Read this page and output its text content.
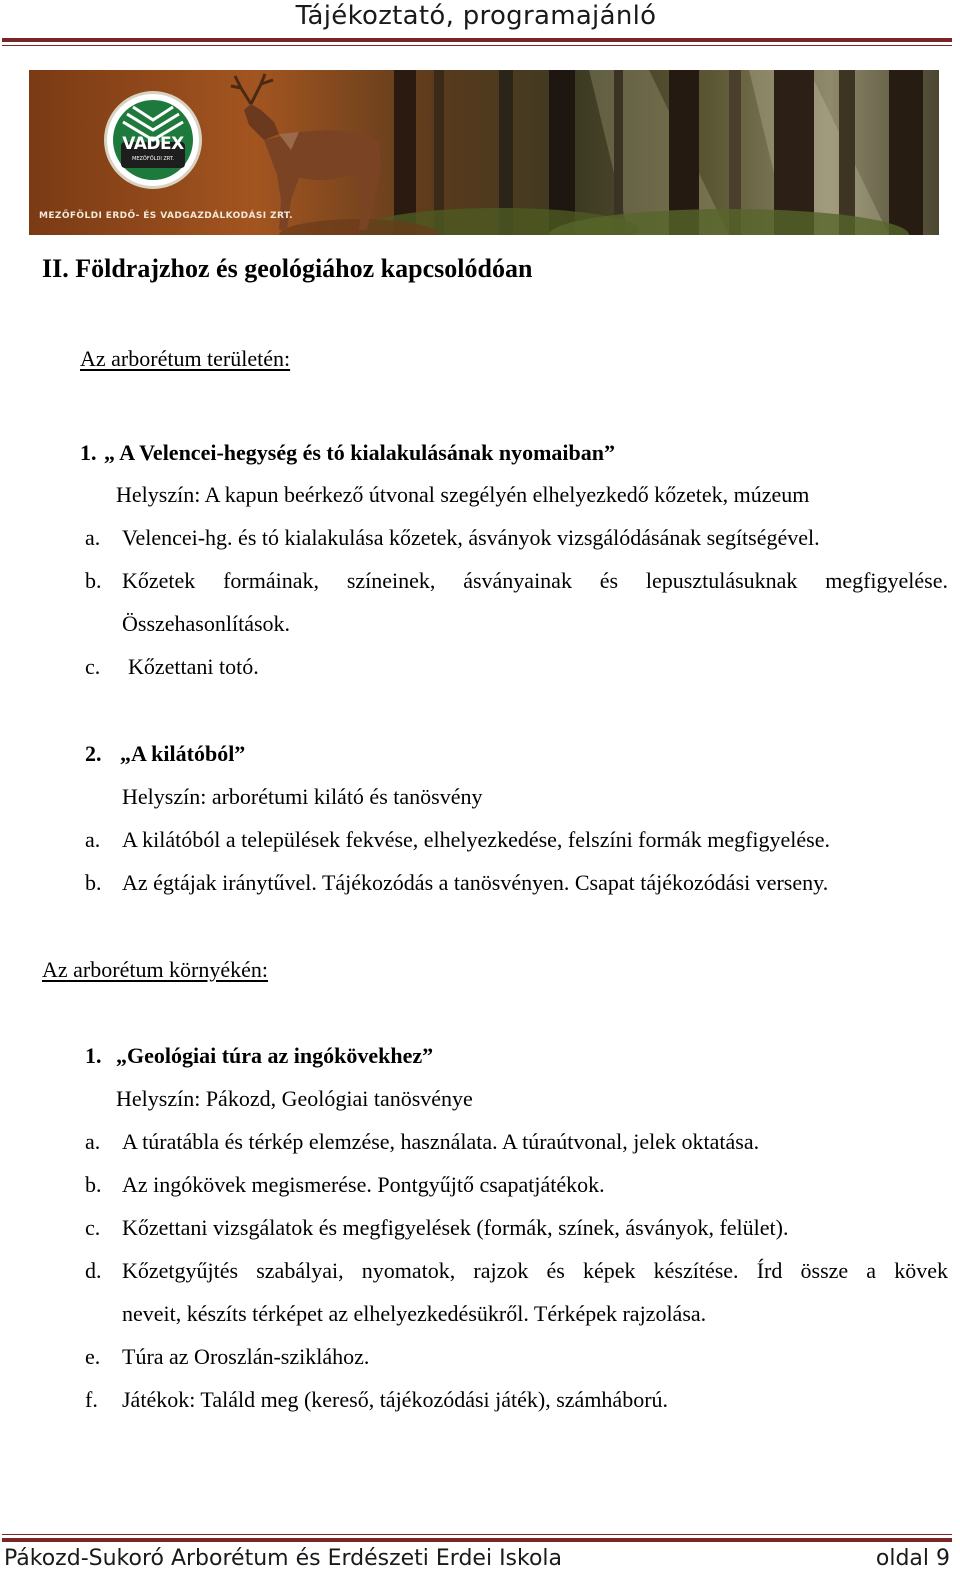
Tájékoztató, programajánló
VADEX
MEZŐFÖLDI ZRT.
MEZŐFÖLDI ERDŐ- ÉS VADGAZDÁLKODÁSI ZRT.
II. Földrajzhoz és geológiához kapcsolódóan
Az arborétum területén:
1. „ A Velencei-hegység és tó kialakulásának nyomaiban”
Helyszín: A kapun beérkező útvonal szegélyén elhelyezkedő kőzetek, múzeum
a. Velencei-hg. és tó kialakulása kőzetek, ásványok vizsgálódásának segítségével.
b. Kőzetek formáinak, színeinek, ásványainak és lepusztulásuknak megfigyelése.
Összehasonlítások.
c. Kőzettani totó.
2. „A kilátóból”
Helyszín: arborétumi kilátó és tanösvény
a. A kilátóból a települések fekvése, elhelyezkedése, felszíni formák megfigyelése.
b. Az égtájak iránytűvel. Tájékozódás a tanösvényen. Csapat tájékozódási verseny.
Az arborétum környékén:
1. „Geológiai túra az ingókövekhez”
Helyszín: Pákozd, Geológiai tanösvénye
a. A túratábla és térkép elemzése, használata. A túraútvonal, jelek oktatása.
b. Az ingókövek megismerése. Pontgyűjtő csapatjátékok.
c. Kőzettani vizsgálatok és megfigyelések (formák, színek, ásványok, felület).
d. Kőzetgyűjtés szabályai, nyomatok, rajzok és képek készítése. Írd össze a kövek
neveit, készíts térképet az elhelyezkedésükről. Térképek rajzolása.
e. Túra az Oroszlán-sziklához.
f. Játékok: Találd meg (kereső, tájékozódási játék), számháború.
Pákozd-Sukoró Arborétum és Erdészeti Erdei Iskola	oldal 9
